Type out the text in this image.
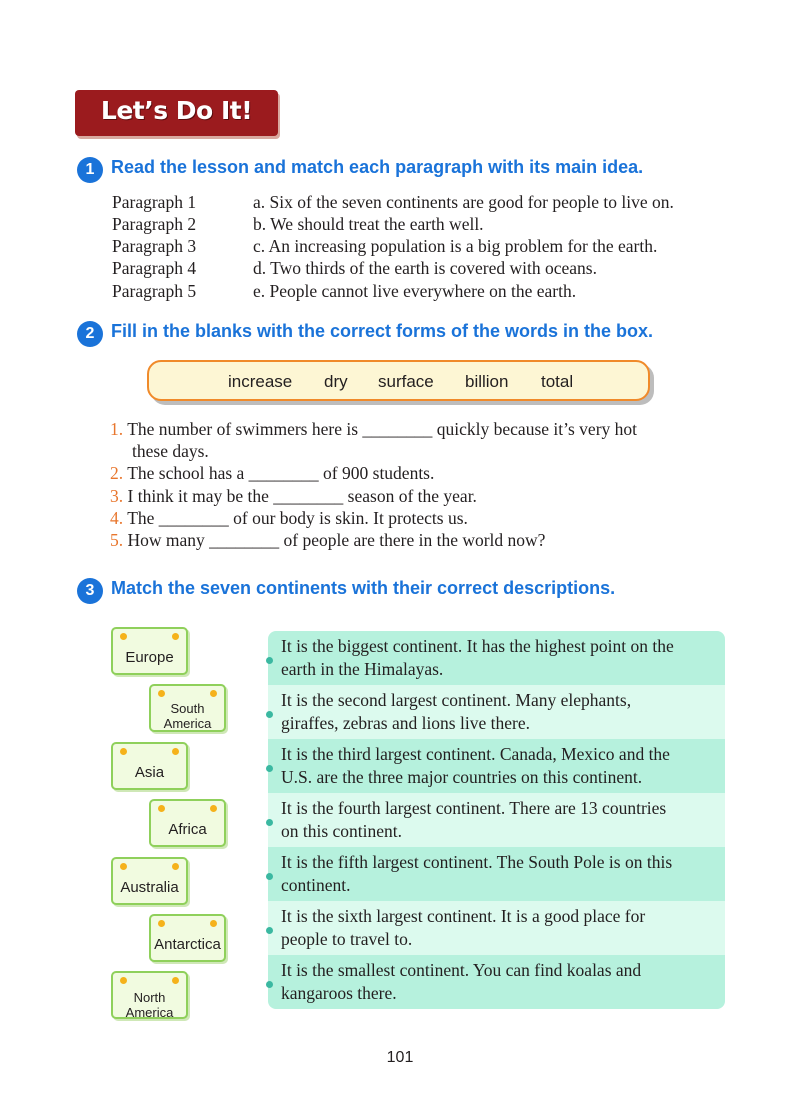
Let’s Do It!
1 Read the lesson and match each paragraph with its main idea.
Paragraph 1	a. Six of the seven continents are good for people to live on.
Paragraph 2	b. We should treat the earth well.
Paragraph 3	c. An increasing population is a big problem for the earth.
Paragraph 4	d. Two thirds of the earth is covered with oceans.
Paragraph 5	e. People cannot live everywhere on the earth.
2 Fill in the blanks with the correct forms of the words in the box.
increase dry surface billion total
1. The number of swimmers here is ________ quickly because it’s very hot
these days.
2. The school has a ________ of 900 students.
3. I think it may be the ________ season of the year.
4. The ________ of our body is skin. It protects us.
5. How many ________ of people are there in the world now?
3 Match the seven continents with their correct descriptions.
Europe
South
America
Asia
Africa
Australia
Antarctica
North
America
It is the biggest continent. It has the highest point on the
earth in the Himalayas.
It is the second largest continent. Many elephants,
giraffes, zebras and lions live there.
It is the third largest continent. Canada, Mexico and the
U.S. are the three major countries on this continent.
It is the fourth largest continent. There are 13 countries
on this continent.
It is the fifth largest continent. The South Pole is on this
continent.
It is the sixth largest continent. It is a good place for
people to travel to.
It is the smallest continent. You can find koalas and
kangaroos there.
101
